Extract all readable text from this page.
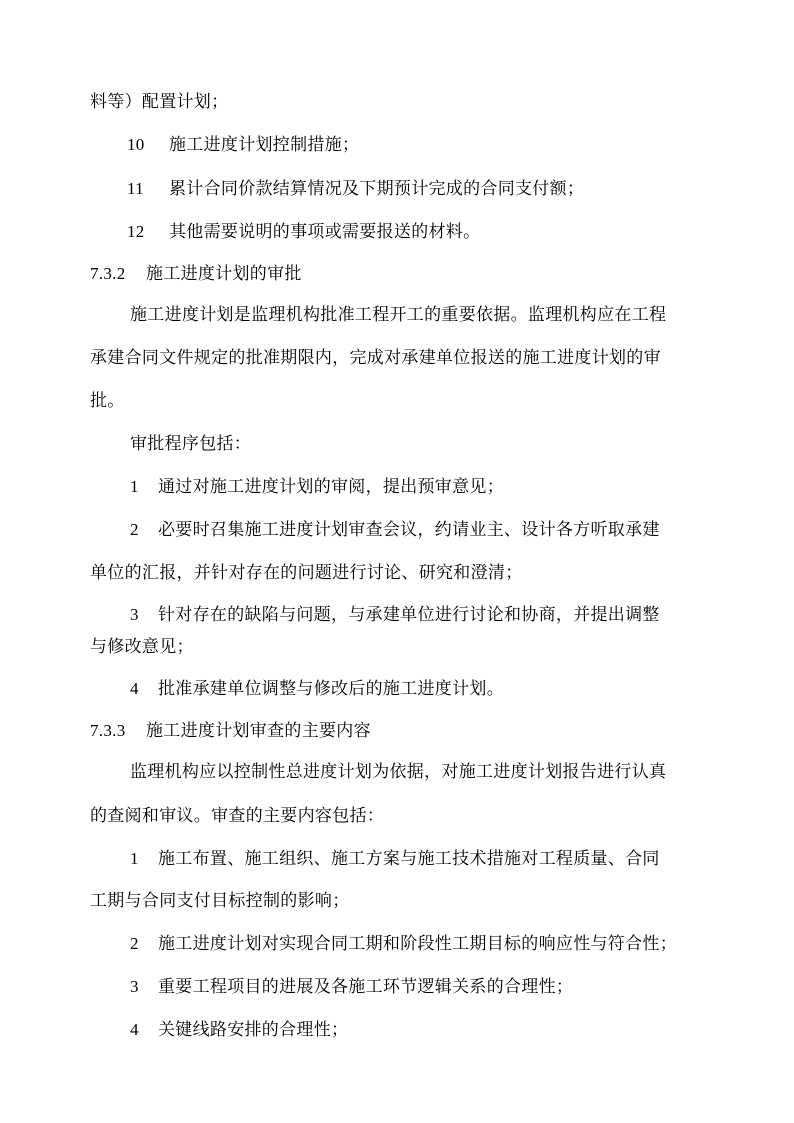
料等）配置计划；
10 施工进度计划控制措施；
11 累计合同价款结算情况及下期预计完成的合同支付额；
12 其他需要说明的事项或需要报送的材料。
7.3.2 施工进度计划的审批
施工进度计划是监理机构批准工程开工的重要依据。监理机构应在工程
承建合同文件规定的批准期限内，完成对承建单位报送的施工进度计划的审
批。
审批程序包括：
1 通过对施工进度计划的审阅，提出预审意见；
2 必要时召集施工进度计划审查会议，约请业主、设计各方听取承建
单位的汇报，并针对存在的问题进行讨论、研究和澄清；
3 针对存在的缺陷与问题，与承建单位进行讨论和协商，并提出调整
与修改意见；
4 批准承建单位调整与修改后的施工进度计划。
7.3.3 施工进度计划审查的主要内容
监理机构应以控制性总进度计划为依据，对施工进度计划报告进行认真
的查阅和审议。审查的主要内容包括：
1 施工布置、施工组织、施工方案与施工技术措施对工程质量、合同
工期与合同支付目标控制的影响；
2 施工进度计划对实现合同工期和阶段性工期目标的响应性与符合性；
3 重要工程项目的进展及各施工环节逻辑关系的合理性；
4 关键线路安排的合理性；
